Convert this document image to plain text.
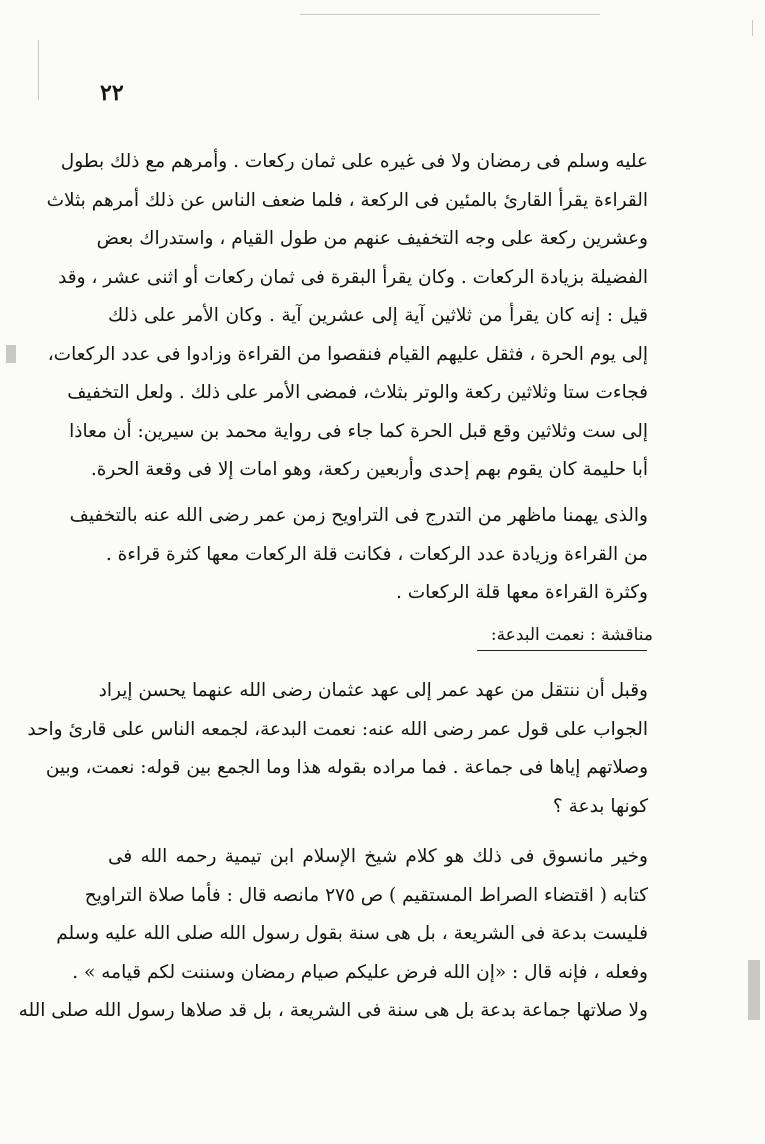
٢٢
عليه وسلم فى رمضان ولا فى غيره على ثمان ركعات . وأمرهم مع ذلك بطول
القراءة يقرأ القارئ بالمئين فى الركعة ، فلما ضعف الناس عن ذلك أمرهم بثلاث
وعشرين ركعة على وجه التخفيف عنهم من طول القيام ، واستدراك بعض
الفضيلة بزيادة الركعات . وكان يقرأ البقرة فى ثمان ركعات أو اثنى عشر ، وقد
قيل : إنه كان يقرأ من ثلاثين آية إلى عشرين آية . وكان الأمر على ذلك
إلى يوم الحرة ، فثقل عليهم القيام فنقصوا من القراءة وزادوا فى عدد الركعات،
فجاءت ستا وثلاثين ركعة والوتر بثلاث، فمضى الأمر على ذلك . ولعل التخفيف
إلى ست وثلاثين وقع قبل الحرة كما جاء فى رواية محمد بن سيرين: أن معاذا
أبا حليمة كان يقوم بهم إحدى وأربعين ركعة، وهو امات إلا فى وقعة الحرة.
والذى يهمنا ماظهر من التدرج فى التراويح زمن عمر رضى الله عنه بالتخفيف
من القراءة وزيادة عدد الركعات ، فكانت قلة الركعات معها كثرة قراءة .
وكثرة القراءة معها قلة الركعات .
مناقشة : نعمت البدعة:
وقبل أن ننتقل من عهد عمر إلى عهد عثمان رضى الله عنهما يحسن إيراد
الجواب على قول عمر رضى الله عنه: نعمت البدعة، لجمعه الناس على قارئ واحد
وصلاتهم إياها فى جماعة . فما مراده بقوله هذا وما الجمع بين قوله: نعمت، وبين
كونها بدعة ؟
وخير مانسوق فى ذلك هو كلام شيخ الإسلام ابن تيمية رحمه الله فى
كتابه ( اقتضاء الصراط المستقيم ) ص ٢٧٥ مانصه قال : فأما صلاة التراويح
فليست بدعة فى الشريعة ، بل هى سنة بقول رسول الله صلى الله عليه وسلم
وفعله ، فإنه قال : «إن الله فرض عليكم صيام رمضان وسننت لكم قيامه » .
ولا صلاتها جماعة بدعة بل هى سنة فى الشريعة ، بل قد صلاها رسول الله صلى الله
